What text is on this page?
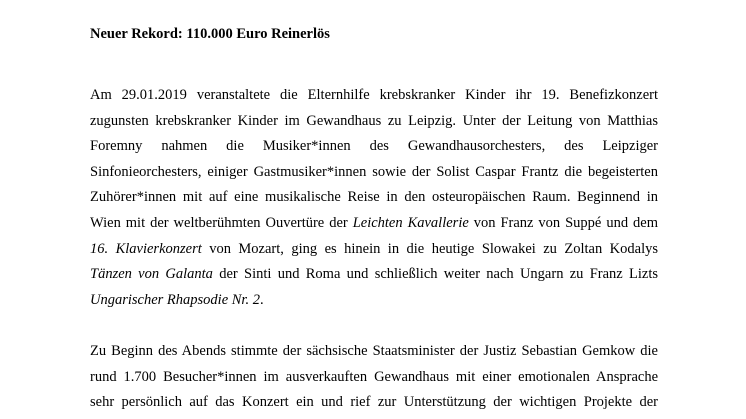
Neuer Rekord: 110.000 Euro Reinerlös

Am 29.01.2019 veranstaltete die Elternhilfe krebskranker Kinder ihr 19. Benefizkonzert
zugunsten krebskranker Kinder im Gewandhaus zu Leipzig. Unter der Leitung von Matthias
Foremny nahmen die Musiker*innen des Gewandhausorchesters, des Leipziger
Sinfonieorchesters, einiger Gastmusiker*innen sowie der Solist Caspar Frantz die begeisterten
Zuhörer*innen mit auf eine musikalische Reise in den osteuropäischen Raum. Beginnend in
Wien mit der weltberühmten Ouvertüre der Leichten Kavallerie von Franz von Suppé und dem
16. Klavierkonzert von Mozart, ging es hinein in die heutige Slowakei zu Zoltan Kodalys
Tänzen von Galanta der Sinti und Roma und schließlich weiter nach Ungarn zu Franz Lizts
Ungarischer Rhapsodie Nr. 2.

Zu Beginn des Abends stimmte der sächsische Staatsminister der Justiz Sebastian Gemkow die
rund 1.700 Besucher*innen im ausverkauften Gewandhaus mit einer emotionalen Ansprache
sehr persönlich auf das Konzert ein und rief zur Unterstützung der wichtigen Projekte der
